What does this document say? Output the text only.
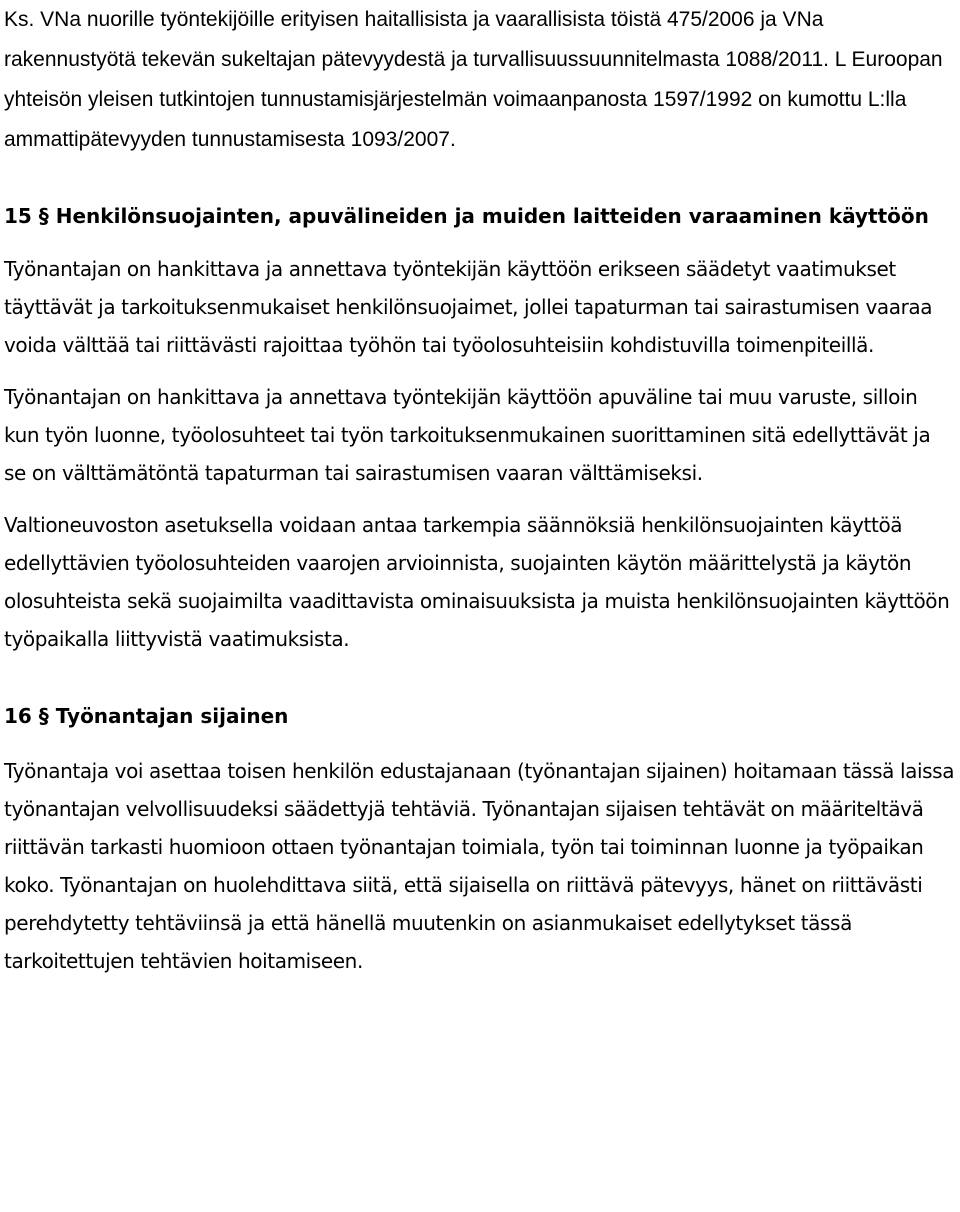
Ks. VNa nuorille työntekijöille erityisen haitallisista ja vaarallisista töistä 475/2006 ja VNa rakennustyötä tekevän sukeltajan pätevyydestä ja turvallisuussuunnitelmasta 1088/2011. L Euroopan yhteisön yleisen tutkintojen tunnustamisjärjestelmän voimaanpanosta 1597/1992 on kumottu L:lla ammattipätevyyden tunnustamisesta 1093/2007.

15 § Henkilönsuojainten, apuvälineiden ja muiden laitteiden varaaminen käyttöön

Työnantajan on hankittava ja annettava työntekijän käyttöön erikseen säädetyt vaatimukset täyttävät ja tarkoituksenmukaiset henkilönsuojaimet, jollei tapaturman tai sairastumisen vaaraa voida välttää tai riittävästi rajoittaa työhön tai työolosuhteisiin kohdistuvilla toimenpiteillä.

Työnantajan on hankittava ja annettava työntekijän käyttöön apuväline tai muu varuste, silloin kun työn luonne, työolosuhteet tai työn tarkoituksenmukainen suorittaminen sitä edellyttävät ja se on välttämätöntä tapaturman tai sairastumisen vaaran välttämiseksi.

Valtioneuvoston asetuksella voidaan antaa tarkempia säännöksiä henkilönsuojainten käyttöä edellyttävien työolosuhteiden vaarojen arvioinnista, suojainten käytön määrittelystä ja käytön olosuhteista sekä suojaimilta vaadittavista ominaisuuksista ja muista henkilönsuojainten käyttöön työpaikalla liittyvistä vaatimuksista.

16 § Työnantajan sijainen

Työnantaja voi asettaa toisen henkilön edustajanaan (työnantajan sijainen) hoitamaan tässä laissa työnantajan velvollisuudeksi säädettyjä tehtäviä. Työnantajan sijaisen tehtävät on määriteltävä riittävän tarkasti huomioon ottaen työnantajan toimiala, työn tai toiminnan luonne ja työpaikan koko. Työnantajan on huolehdittava siitä, että sijaisella on riittävä pätevyys, hänet on riittävästi perehdytetty tehtäviinsä ja että hänellä muutenkin on asianmukaiset edellytykset tässä tarkoitettujen tehtävien hoitamiseen.
